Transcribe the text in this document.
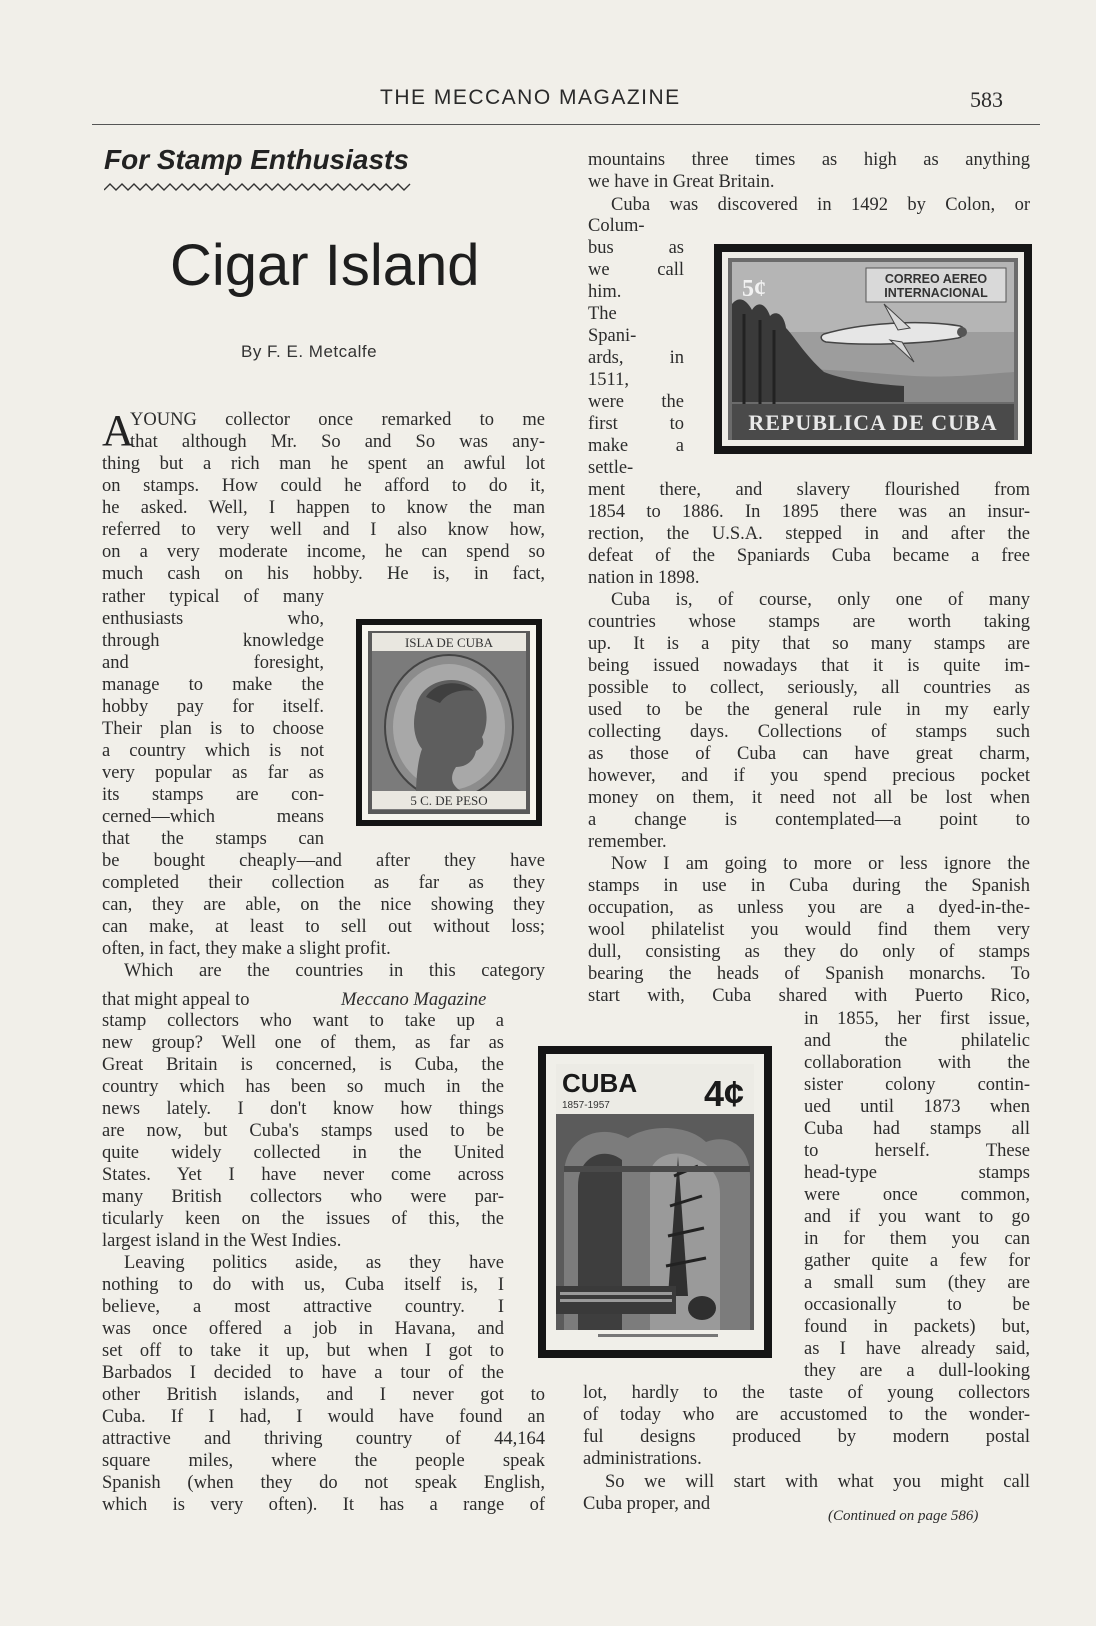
THE MECCANO MAGAZINE	583
For Stamp Enthusiasts
Cigar Island
By F. E. Metcalfe
A
YOUNG collector once remarked to me
that although Mr. So and So was any-
thing but a rich man he spent an awful lot
on stamps. How could he afford to do it,
he asked. Well, I happen to know the man
referred to very well and I also know how,
on a very moderate income, he can spend so
much cash on his hobby. He is, in fact,
rather typical of many
enthusiasts who,
through knowledge
and foresight,
manage to make the
hobby pay for itself.
Their plan is to choose
a country which is not
very popular as far as
its stamps are con-
cerned—which means
that the stamps can
be bought cheaply—and after they have
completed their collection as far as they
can, they are able, on the nice showing they
can make, at least to sell out without loss;
often, in fact, they make a slight profit.
Which are the countries in this category
that might appeal to
stamp collectors who want to take up a
new group? Well one of them, as far as
Great Britain is concerned, is Cuba, the
country which has been so much in the
news lately. I don't know how things
are now, but Cuba's stamps used to be
quite widely collected in the United
States. Yet I have never come across
many British collectors who were par-
ticularly keen on the issues of this, the
largest island in the West Indies.
Leaving politics aside, as they have
nothing to do with us, Cuba itself is, I
believe, a most attractive country. I
was once offered a job in Havana, and
set off to take it up, but when I got to
Barbados I decided to have a tour of the
other British islands, and I never got to
Cuba. If I had, I would have found an
attractive and thriving country of 44,164
square miles, where the people speak
Spanish (when they do not speak English,
which is very often). It has a range of
Meccano Magazine
mountains three times as high as anything
we have in Great Britain.
Cuba was discovered in 1492 by Colon, or
Colum-
bus as
we call
him.
The
Spani-
ards, in
1511,
were the
first to
make a
settle-
ment there, and slavery flourished from
1854 to 1886. In 1895 there was an insur-
rection, the U.S.A. stepped in and after the
defeat of the Spaniards Cuba became a free
nation in 1898.
Cuba is, of course, only one of many
countries whose stamps are worth taking
up. It is a pity that so many stamps are
being issued nowadays that it is quite im-
possible to collect, seriously, all countries as
used to be the general rule in my early
collecting days. Collections of stamps such
as those of Cuba can have great charm,
however, and if you spend precious pocket
money on them, it need not all be lost when
a change is contemplated—a point to
remember.
Now I am going to more or less ignore the
stamps in use in Cuba during the Spanish
occupation, as unless you are a dyed-in-the-
wool philatelist you would find them very
dull, consisting as they do only of stamps
bearing the heads of Spanish monarchs. To
start with, Cuba shared with Puerto Rico,
in 1855, her first issue,
and the philatelic
collaboration with the
sister colony contin-
ued until 1873 when
Cuba had stamps all
to herself. These
head-type stamps
were once common,
and if you want to go
in for them you can
gather quite a few for
a small sum (they are
occasionally to be
found in packets) but,
as I have already said,
they are a dull-looking
lot, hardly to the taste of young collectors
of today who are accustomed to the wonder-
ful designs produced by modern postal
administrations.
So we will start with what you might call
Cuba proper, and
(Continued on page 586)
ISLA DE CUBA
5 C. DE PESO
CORREO AEREO
INTERNACIONAL
5¢
REPUBLICA DE CUBA
CUBA
1857-1957	4¢
